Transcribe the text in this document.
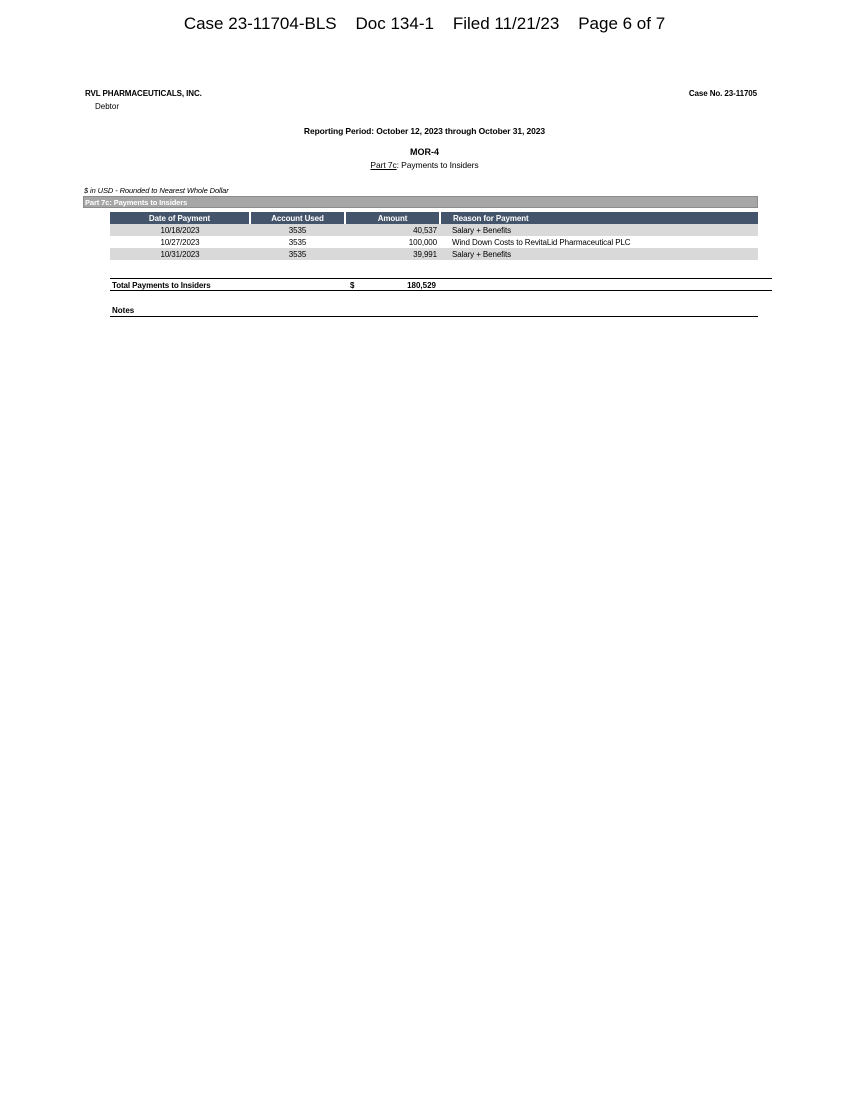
Case 23-11704-BLS    Doc 134-1    Filed 11/21/23    Page 6 of 7
RVL PHARMACEUTICALS, INC.
Debtor
Case No. 23-11705
Reporting Period: October 12, 2023 through October 31, 2023
MOR-4
Part 7c: Payments to Insiders
$ in USD - Rounded to Nearest Whole Dollar
Part 7c: Payments to Insiders
Date of Payment	Account Used	Amount	Reason for Payment
10/18/2023	3535	40,537	Salary + Benefits
10/27/2023	3535	100,000	Wind Down Costs to RevitaLid Pharmaceutical PLC
10/31/2023	3535	39,991	Salary + Benefits
Total Payments to Insiders	$	180,529
Notes
